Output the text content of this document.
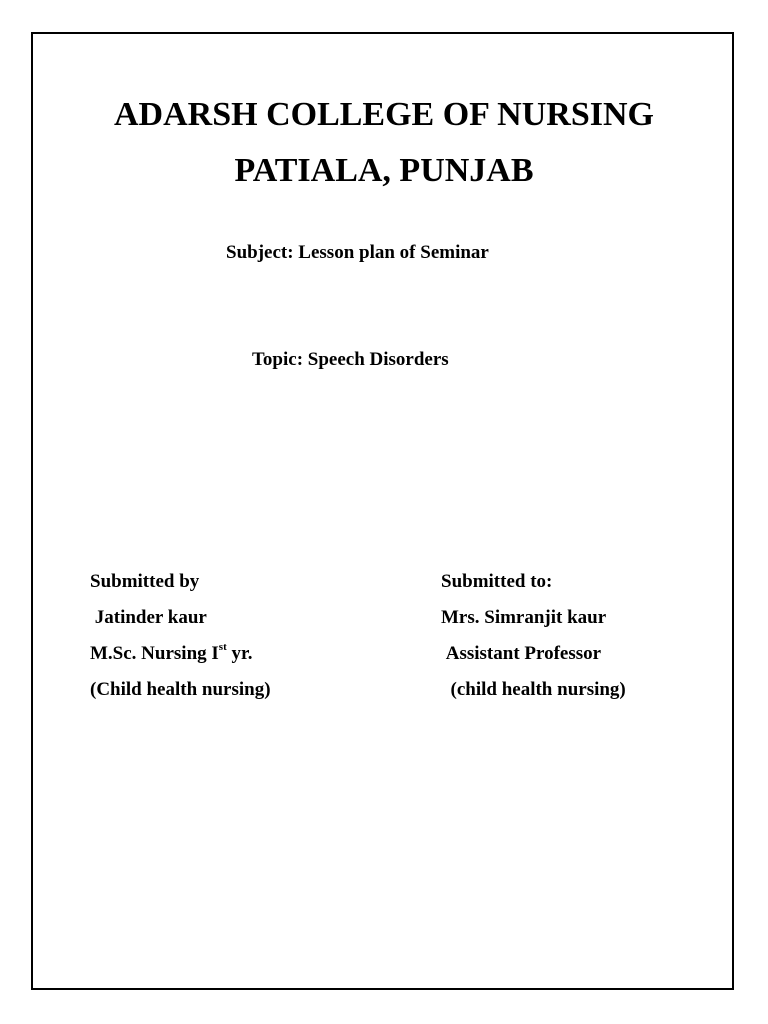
ADARSH COLLEGE OF NURSING
PATIALA, PUNJAB
Subject: Lesson plan of Seminar
Topic: Speech Disorders
Submitted by
Jatinder kaur
M.Sc. Nursing Ist yr.
(Child health nursing)
Submitted to:
Mrs. Simranjit kaur
Assistant Professor
(child health nursing)
